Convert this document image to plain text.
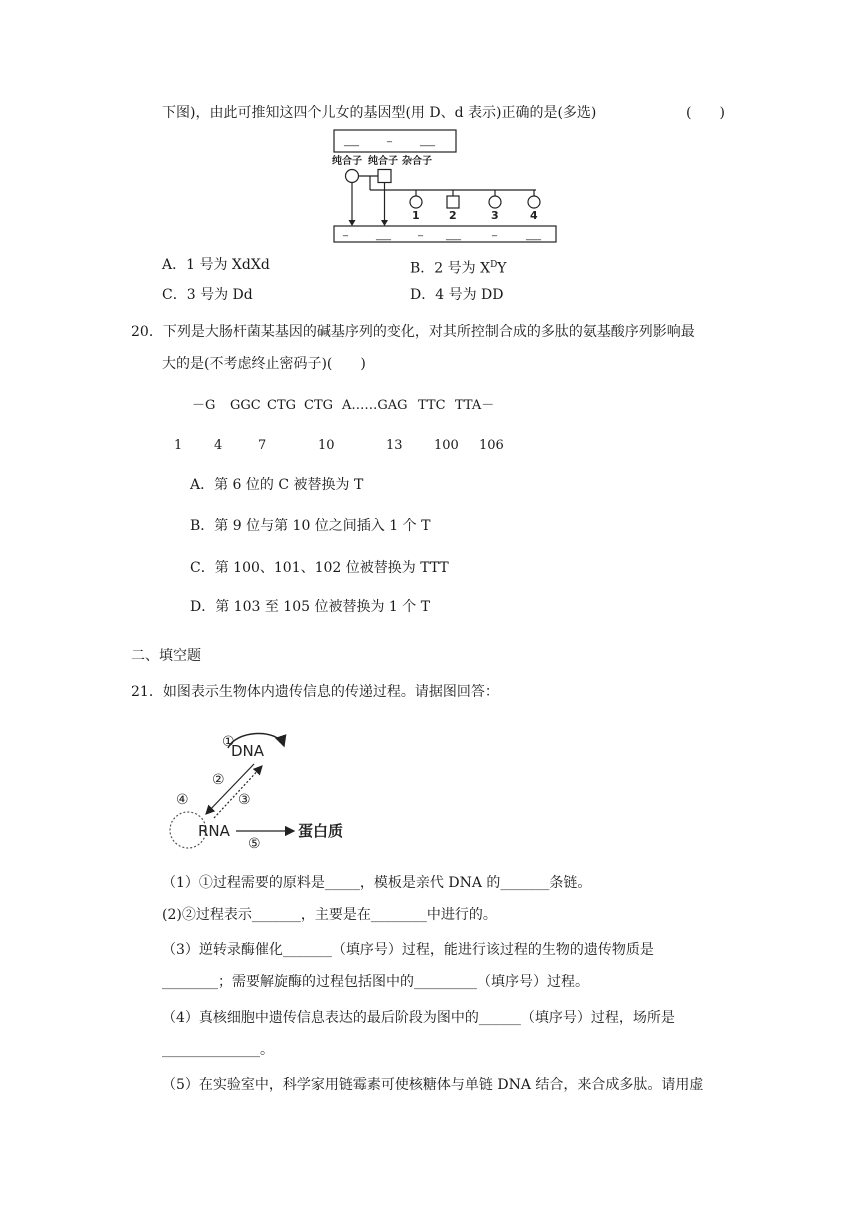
下图)，由此可推知这四个儿女的基因型(用 D、d 表示)正确的是(多选)	(　　)
___	_	___
纯合子 纯合子 杂合子
1	2	3	4
_	___	_ ___	_	___
A．1 号为 XdXd	B．2 号为 $X^DY$
C．3 号为 Dd	D．4 号为 DD
20．下列是大肠杆菌某基因的碱基序列的变化，对其所控制合成的多肽的氨基酸序列影响最
大的是(不考虑终止密码子)(　　)
－G GGC CTG CTG A……GAG TTC TTA－
1 4	7	10	13 100 106
A．第 6 位的 C 被替换为 T
B．第 9 位与第 10 位之间插入 1 个 T
C．第 100、101、102 位被替换为 TTT
D．第 103 至 105 位被替换为 1 个 T
二、填空题
21．如图表示生物体内遗传信息的传递过程。请据图回答：
①
DNA
②
③
④
RNA
⑤
蛋白质
（1）①过程需要的原料是_____，模板是亲代 DNA 的_______条链。
(2)②过程表示_______，主要是在________中进行的。
（3）逆转录酶催化_______（填序号）过程，能进行该过程的生物的遗传物质是
________；需要解旋酶的过程包括图中的_________（填序号）过程。
（4）真核细胞中遗传信息表达的最后阶段为图中的______（填序号）过程，场所是
______________。
（5）在实验室中，科学家用链霉素可使核糖体与单链 DNA 结合，来合成多肽。请用虚
